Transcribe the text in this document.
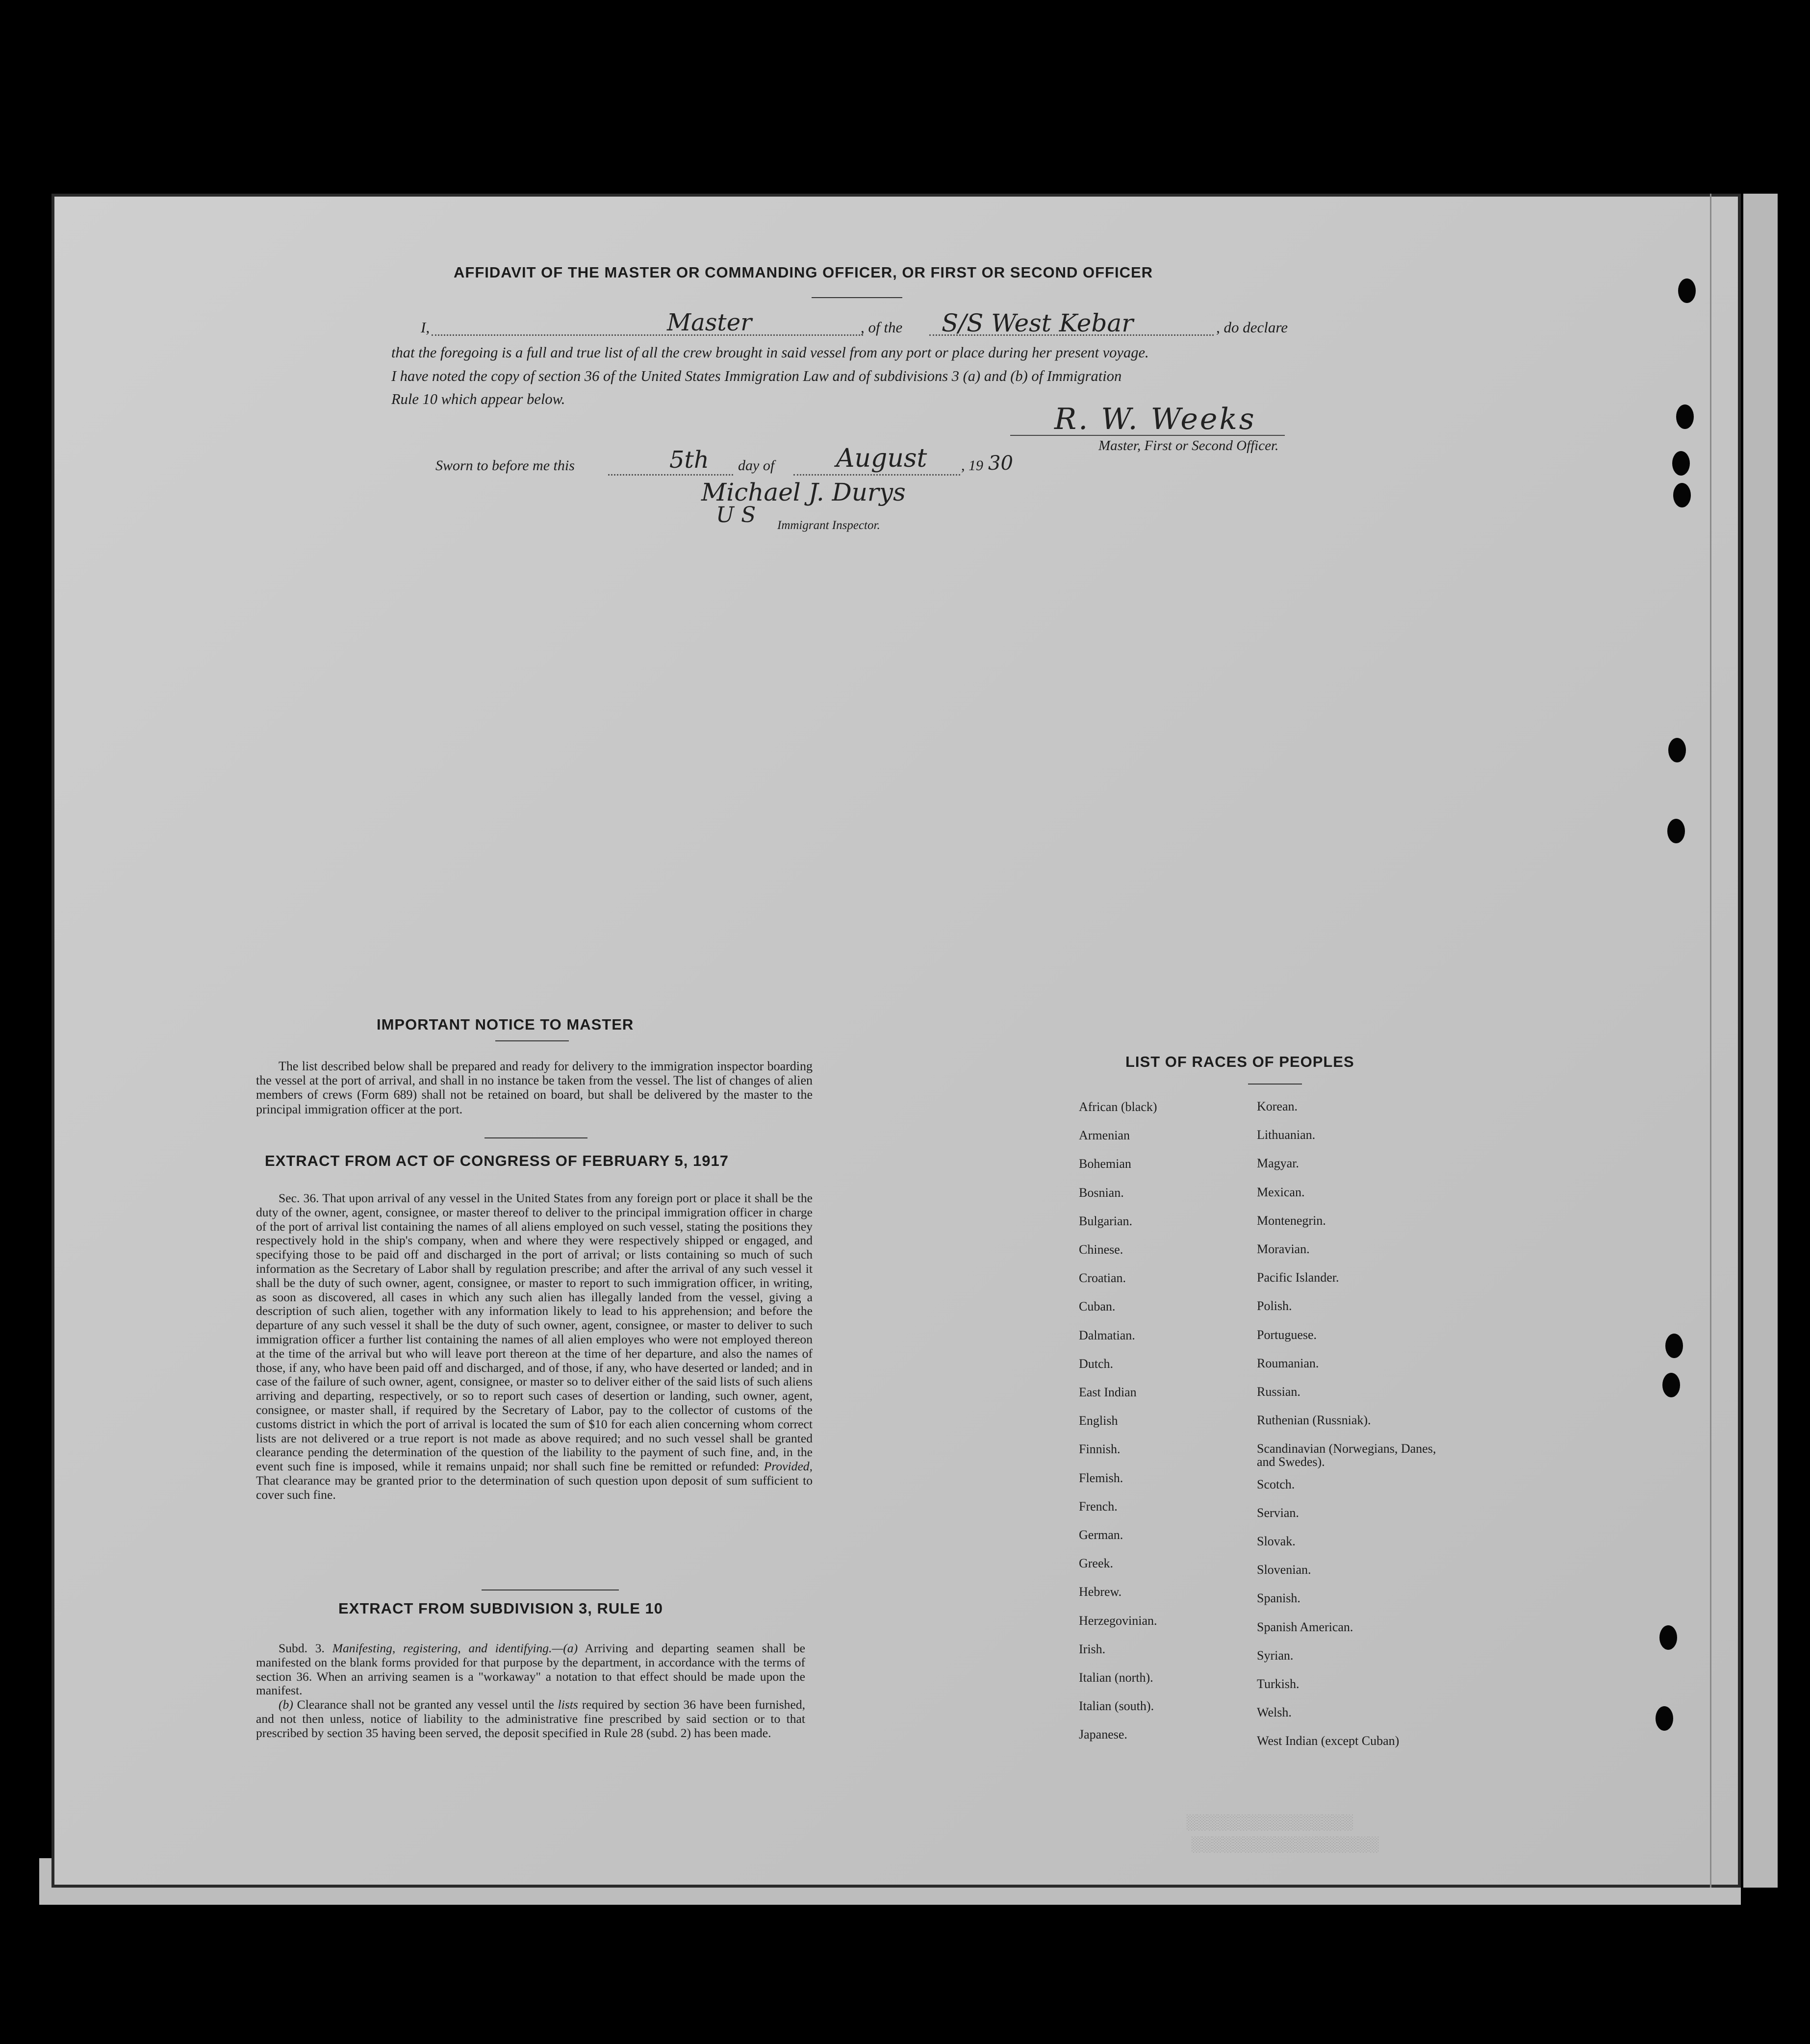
░░░░░░░░░░░░░░░░
░░░░░░░░░░░░░░░░░░
AFFIDAVIT OF THE MASTER OR COMMANDING OFFICER, OR FIRST OR SECOND OFFICER
I,	Master	, of the S/S West Kebar	, do declare
that the foregoing is a full and true list of all the crew brought in said vessel from any port or place during her present voyage.
I have noted the copy of section 36 of the United States Immigration Law and of subdivisions 3 (a) and (b) of Immigration
Rule 10 which appear below.
R. W. Weeks
Master, First or Second Officer.
Sworn to before me this	5th day of August , 19 30
Michael J. Durys
U S Immigrant Inspector.
IMPORTANT NOTICE TO MASTER

The list described below shall be prepared and ready for delivery to the immigration inspector boarding the vessel at the port of arrival, and shall in no instance be taken from the vessel. The list of changes of alien members of crews (Form 689) shall not be retained on board, but shall be delivered by the master to the principal immigration officer at the port.

EXTRACT FROM ACT OF CONGRESS OF FEBRUARY 5, 1917

Sec. 36. That upon arrival of any vessel in the United States from any foreign port or place it shall be the duty of the owner, agent, consignee, or master thereof to deliver to the principal immigration officer in charge of the port of arrival list containing the names of all aliens employed on such vessel, stating the positions they respectively hold in the ship's company, when and where they were respectively shipped or engaged, and specifying those to be paid off and discharged in the port of arrival; or lists containing so much of such information as the Secretary of Labor shall by regulation prescribe; and after the arrival of any such vessel it shall be the duty of such owner, agent, consignee, or master to report to such immigration officer, in writing, as soon as discovered, all cases in which any such alien has illegally landed from the vessel, giving a description of such alien, together with any information likely to lead to his apprehension; and before the departure of any such vessel it shall be the duty of such owner, agent, consignee, or master to deliver to such immigration officer a further list containing the names of all alien employes who were not employed thereon at the time of the arrival but who will leave port thereon at the time of her departure, and also the names of those, if any, who have been paid off and discharged, and of those, if any, who have deserted or landed; and in case of the failure of such owner, agent, consignee, or master so to deliver either of the said lists of such aliens arriving and departing, respectively, or so to report such cases of desertion or landing, such owner, agent, consignee, or master shall, if required by the Secretary of Labor, pay to the collector of customs of the customs district in which the port of arrival is located the sum of $10 for each alien concerning whom correct lists are not delivered or a true report is not made as above required; and no such vessel shall be granted clearance pending the determination of the question of the liability to the payment of such fine, and, in the event such fine is imposed, while it remains unpaid; nor shall such fine be remitted or refunded: Provided, That clearance may be granted prior to the determination of such question upon deposit of sum sufficient to cover such fine.

EXTRACT FROM SUBDIVISION 3, RULE 10

Subd. 3. Manifesting, registering, and identifying.—(a) Arriving and departing seamen shall be manifested on the blank forms provided for that purpose by the department, in accordance with the terms of section 36. When an arriving seamen is a "workaway" a notation to that effect should be made upon the manifest.

(b) Clearance shall not be granted any vessel until the lists required by section 36 have been furnished, and not then unless, notice of liability to the administrative fine prescribed by said section or to that prescribed by section 35 having been served, the deposit specified in Rule 28 (subd. 2) has been made.

LIST OF RACES OF PEOPLES
African (black)
Armenian
Bohemian
Bosnian.
Bulgarian.
Chinese.
Croatian.
Cuban.
Dalmatian.
Dutch.
East Indian
English
Finnish.
Flemish.
French.
German.
Greek.
Hebrew.
Herzegovinian.
Irish.
Italian (north).
Italian (south).
Japanese.
Korean.
Lithuanian.
Magyar.
Mexican.
Montenegrin.
Moravian.
Pacific Islander.
Polish.
Portuguese.
Roumanian.
Russian.
Ruthenian (Russniak).
Scandinavian (Norwegians, Danes, and Swedes).
Scotch.
Servian.
Slovak.
Slovenian.
Spanish.
Spanish American.
Syrian.
Turkish.
Welsh.
West Indian (except Cuban)
